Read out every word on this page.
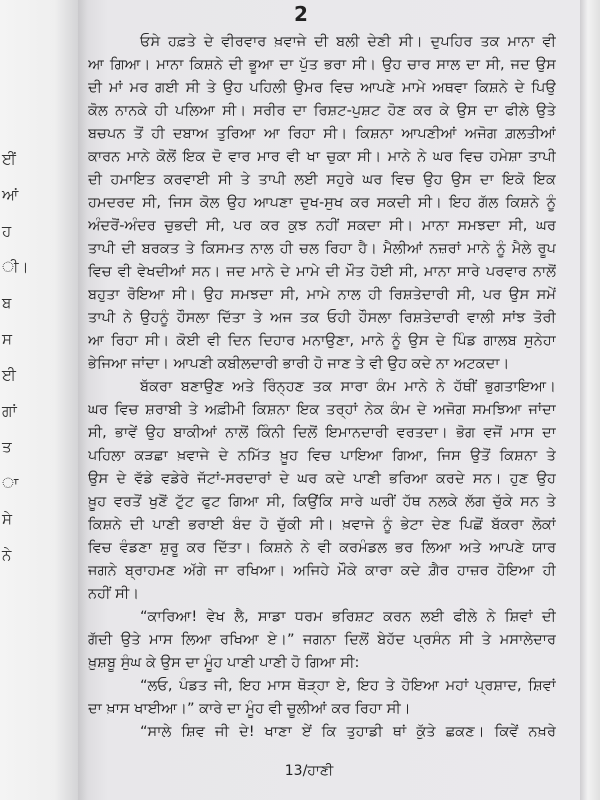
ਈਂ
ਆਂ
ਹ
ੀ।
ਬ
ਸ
ਈ
ਗਾਂ
ਤ
ਾ
ਸੇ
ਨੇ
2
ਓਸੇ ਹਫ਼ਤੇ ਦੇ ਵੀਰਵਾਰ ਖ਼ਵਾਜੇ ਦੀ ਬਲੀ ਦੇਣੀ ਸੀ। ਦੁਪਹਿਰ ਤਕ ਮਾਨਾ ਵੀ
ਆ ਗਿਆ। ਮਾਨਾ ਕਿਸ਼ਨੇ ਦੀ ਭੂਆ ਦਾ ਪੁੱਤ ਭਰਾ ਸੀ। ਉਹ ਚਾਰ ਸਾਲ ਦਾ ਸੀ, ਜਦ ਉਸ
ਦੀ ਮਾਂ ਮਰ ਗਈ ਸੀ ਤੇ ਉਹ ਪਹਿਲੀ ਉਮਰ ਵਿਚ ਆਪਣੇ ਮਾਮੇ ਅਥਵਾ ਕਿਸ਼ਨੇ ਦੇ ਪਿਉ
ਕੋਲ ਨਾਨਕੇ ਹੀ ਪਲਿਆ ਸੀ। ਸਰੀਰ ਦਾ ਰਿਸ਼ਟ-ਪੁਸ਼ਟ ਹੋਣ ਕਰ ਕੇ ਉਸ ਦਾ ਫੀਲੇ ਉਤੇ
ਬਚਪਨ ਤੋਂ ਹੀ ਦਬਾਅ ਤੁਰਿਆ ਆ ਰਿਹਾ ਸੀ। ਕਿਸ਼ਨਾ ਆਪਣੀਆਂ ਅਜੋਗ ਗ਼ਲਤੀਆਂ
ਕਾਰਨ ਮਾਨੇ ਕੋਲੋਂ ਇਕ ਦੋ ਵਾਰ ਮਾਰ ਵੀ ਖਾ ਚੁਕਾ ਸੀ। ਮਾਨੇ ਨੇ ਘਰ ਵਿਚ ਹਮੇਸ਼ਾ ਤਾਪੀ
ਦੀ ਹਮਾਇਤ ਕਰਵਾਈ ਸੀ ਤੇ ਤਾਪੀ ਲਈ ਸਹੁਰੇ ਘਰ ਵਿਚ ਉਹ ਉਸ ਦਾ ਇਕੋ ਇਕ
ਹਮਦਰਦ ਸੀ, ਜਿਸ ਕੋਲ ਉਹ ਆਪਣਾ ਦੁਖ-ਸੁਖ ਕਰ ਸਕਦੀ ਸੀ। ਇਹ ਗੱਲ ਕਿਸ਼ਨੇ ਨੂੰ
ਅੰਦਰੋਂ-ਅੰਦਰ ਚੁਭਦੀ ਸੀ, ਪਰ ਕਰ ਕੁਝ ਨਹੀਂ ਸਕਦਾ ਸੀ। ਮਾਨਾ ਸਮਝਦਾ ਸੀ, ਘਰ
ਤਾਪੀ ਦੀ ਬਰਕਤ ਤੇ ਕਿਸਮਤ ਨਾਲ ਹੀ ਚਲ ਰਿਹਾ ਹੈ। ਮੈਲੀਆਂ ਨਜ਼ਰਾਂ ਮਾਨੇ ਨੂੰ ਮੈਲੇ ਰੂਪ
ਵਿਚ ਵੀ ਵੇਖਦੀਆਂ ਸਨ। ਜਦ ਮਾਨੇ ਦੇ ਮਾਮੇ ਦੀ ਮੌਤ ਹੋਈ ਸੀ, ਮਾਨਾ ਸਾਰੇ ਪਰਵਾਰ ਨਾਲੋਂ
ਬਹੁਤਾ ਰੋਇਆ ਸੀ। ਉਹ ਸਮਝਦਾ ਸੀ, ਮਾਮੇ ਨਾਲ ਹੀ ਰਿਸ਼ਤੇਦਾਰੀ ਸੀ, ਪਰ ਉਸ ਸਮੇਂ
ਤਾਪੀ ਨੇ ਉਹਨੂੰ ਹੌਸਲਾ ਦਿੱਤਾ ਤੇ ਅਜ ਤਕ ਓਹੀ ਹੌਸਲਾ ਰਿਸ਼ਤੇਦਾਰੀ ਵਾਲੀ ਸਾਂਝ ਤੋਰੀ
ਆ ਰਿਹਾ ਸੀ। ਕੋਈ ਵੀ ਦਿਨ ਦਿਹਾਰ ਮਨਾਉਣਾ, ਮਾਨੇ ਨੂੰ ਉਸ ਦੇ ਪਿੰਡ ਗਾਲਬ ਸੁਨੇਹਾ
ਭੇਜਿਆ ਜਾਂਦਾ। ਆਪਣੀ ਕਬੀਲਦਾਰੀ ਭਾਰੀ ਹੋ ਜਾਣ ਤੇ ਵੀ ਉਹ ਕਦੇ ਨਾ ਅਟਕਦਾ।
ਬੱਕਰਾ ਬਣਾਉਣ ਅਤੇ ਰਿੰਨ੍ਹਣ ਤਕ ਸਾਰਾ ਕੰਮ ਮਾਨੇ ਨੇ ਹੱਥੀਂ ਭੁਗਤਾਇਆ।
ਘਰ ਵਿਚ ਸ਼ਰਾਬੀ ਤੇ ਅਫ਼ੀਮੀ ਕਿਸ਼ਨਾ ਇਕ ਤਰ੍ਹਾਂ ਨੇਕ ਕੰਮ ਦੇ ਅਜੋਗ ਸਮਝਿਆ ਜਾਂਦਾ
ਸੀ, ਭਾਵੇਂ ਉਹ ਬਾਕੀਆਂ ਨਾਲੋਂ ਕਿੰਨੀ ਦਿਲੋਂ ਇਮਾਨਦਾਰੀ ਵਰਤਦਾ। ਭੋਗ ਵਜੋਂ ਮਾਸ ਦਾ
ਪਹਿਲਾ ਕੜਛਾ ਖ਼ਵਾਜੇ ਦੇ ਨਮਿੱਤ ਖ਼ੂਹ ਵਿਚ ਪਾਇਆ ਗਿਆ, ਜਿਸ ਉਤੋਂ ਕਿਸ਼ਨਾ ਤੇ
ਉਸ ਦੇ ਵੱਡੇ ਵਡੇਰੇ ਜੱਟਾਂ-ਸਰਦਾਰਾਂ ਦੇ ਘਰ ਕਦੇ ਪਾਣੀ ਭਰਿਆ ਕਰਦੇ ਸਨ। ਹੁਣ ਉਹ
ਖ਼ੂਹ ਵਰਤੋਂ ਖੁਣੋਂ ਟੁੱਟ ਫੁਟ ਗਿਆ ਸੀ, ਕਿਉਂਕਿ ਸਾਰੇ ਘਰੀਂ ਹੱਥ ਨਲਕੇ ਲੱਗ ਚੁੱਕੇ ਸਨ ਤੇ
ਕਿਸ਼ਨੇ ਦੀ ਪਾਣੀ ਭਰਾਈ ਬੰਦ ਹੋ ਚੁੱਕੀ ਸੀ। ਖ਼ਵਾਜੇ ਨੂੰ ਭੇਟਾ ਦੇਣ ਪਿਛੋਂ ਬੱਕਰਾ ਲੋਕਾਂ
ਵਿਚ ਵੰਡਣਾ ਸ਼ੁਰੂ ਕਰ ਦਿੱਤਾ। ਕਿਸ਼ਨੇ ਨੇ ਵੀ ਕਰਮੰਡਲ ਭਰ ਲਿਆ ਅਤੇ ਆਪਣੇ ਯਾਰ
ਜਗਨੇ ਬ੍ਰਾਹਮਣ ਅੱਗੇ ਜਾ ਰਖਿਆ। ਅਜਿਹੇ ਮੌਕੇ ਕਾਰਾ ਕਦੇ ਗ਼ੈਰ ਹਾਜ਼ਰ ਹੋਇਆ ਹੀ
ਨਹੀਂ ਸੀ।
“ਕਾਰਿਆ! ਵੇਖ ਲੈ, ਸਾਡਾ ਧਰਮ ਭਰਿਸ਼ਟ ਕਰਨ ਲਈ ਫੀਲੇ ਨੇ ਸ਼ਿਵਾਂ ਦੀ
ਗੱਦੀ ਉਤੇ ਮਾਸ ਲਿਆ ਰਖਿਆ ਏ।” ਜਗਨਾ ਦਿਲੋਂ ਬੇਹੱਦ ਪ੍ਰਸੰਨ ਸੀ ਤੇ ਮਸਾਲੇਦਾਰ
ਖ਼ੁਸ਼ਬੂ ਸੁੰਘ ਕੇ ਉਸ ਦਾ ਮੂੰਹ ਪਾਣੀ ਪਾਣੀ ਹੋ ਗਿਆ ਸੀ:
“ਲਓ, ਪੰਡਤ ਜੀ, ਇਹ ਮਾਸ ਥੋੜ੍ਹਾ ਏ, ਇਹ ਤੇ ਹੋਇਆ ਮਹਾਂ ਪ੍ਰਸ਼ਾਦ, ਸ਼ਿਵਾਂ
ਦਾ ਖ਼ਾਸ ਖਾਈਆ।” ਕਾਰੇ ਦਾ ਮੂੰਹ ਵੀ ਚੂਲੀਆਂ ਕਰ ਰਿਹਾ ਸੀ।
“ਸਾਲੇ ਸ਼ਿਵ ਜੀ ਦੇ! ਖਾਣਾ ਏਂ ਕਿ ਤੁਹਾਡੀ ਥਾਂ ਕੁੱਤੇ ਛਕਣ। ਕਿਵੇਂ ਨਖ਼ਰੇ
13/ਹਾਣੀ
